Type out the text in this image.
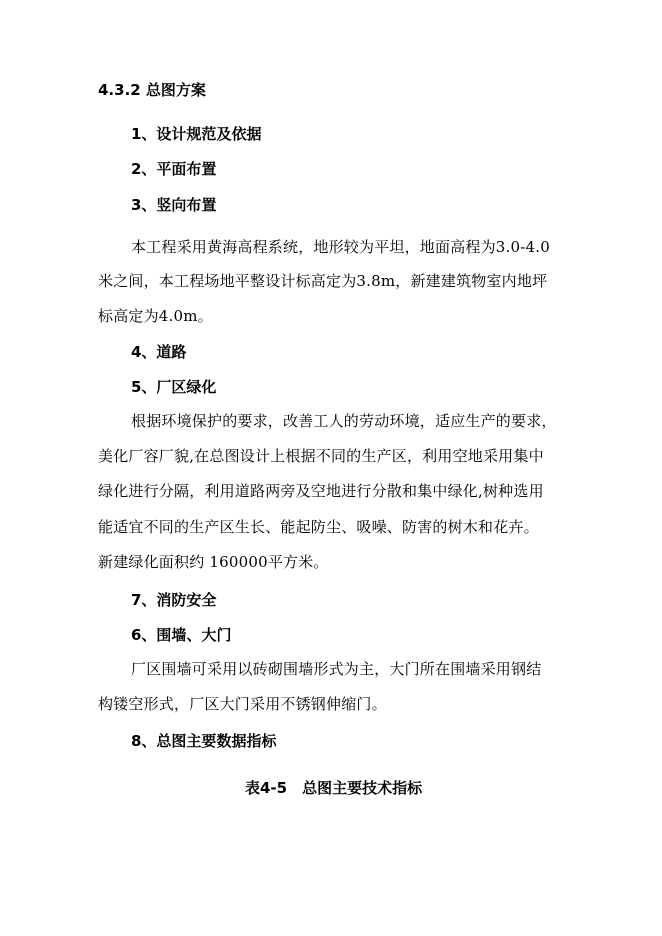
4.3.2 总图方案
1、设计规范及依据
2、平面布置
3、竖向布置
本工程采用黄海高程系统，地形较为平坦，地面高程为3.0-4.0
米之间，本工程场地平整设计标高定为3.8m，新建建筑物室内地坪
标高定为4.0m。
4、道路
5、厂区绿化
根据环境保护的要求，改善工人的劳动环境，适应生产的要求，
美化厂容厂貌,在总图设计上根据不同的生产区，利用空地采用集中
绿化进行分隔，利用道路两旁及空地进行分散和集中绿化,树种选用
能适宜不同的生产区生长、能起防尘、吸噪、防害的树木和花卉。
新建绿化面积约 160000平方米。
7、消防安全
6、围墙、大门
厂区围墙可采用以砖砌围墙形式为主，大门所在围墙采用钢结
构镂空形式，厂区大门采用不锈钢伸缩门。
8、总图主要数据指标
表4-5　总图主要技术指标
